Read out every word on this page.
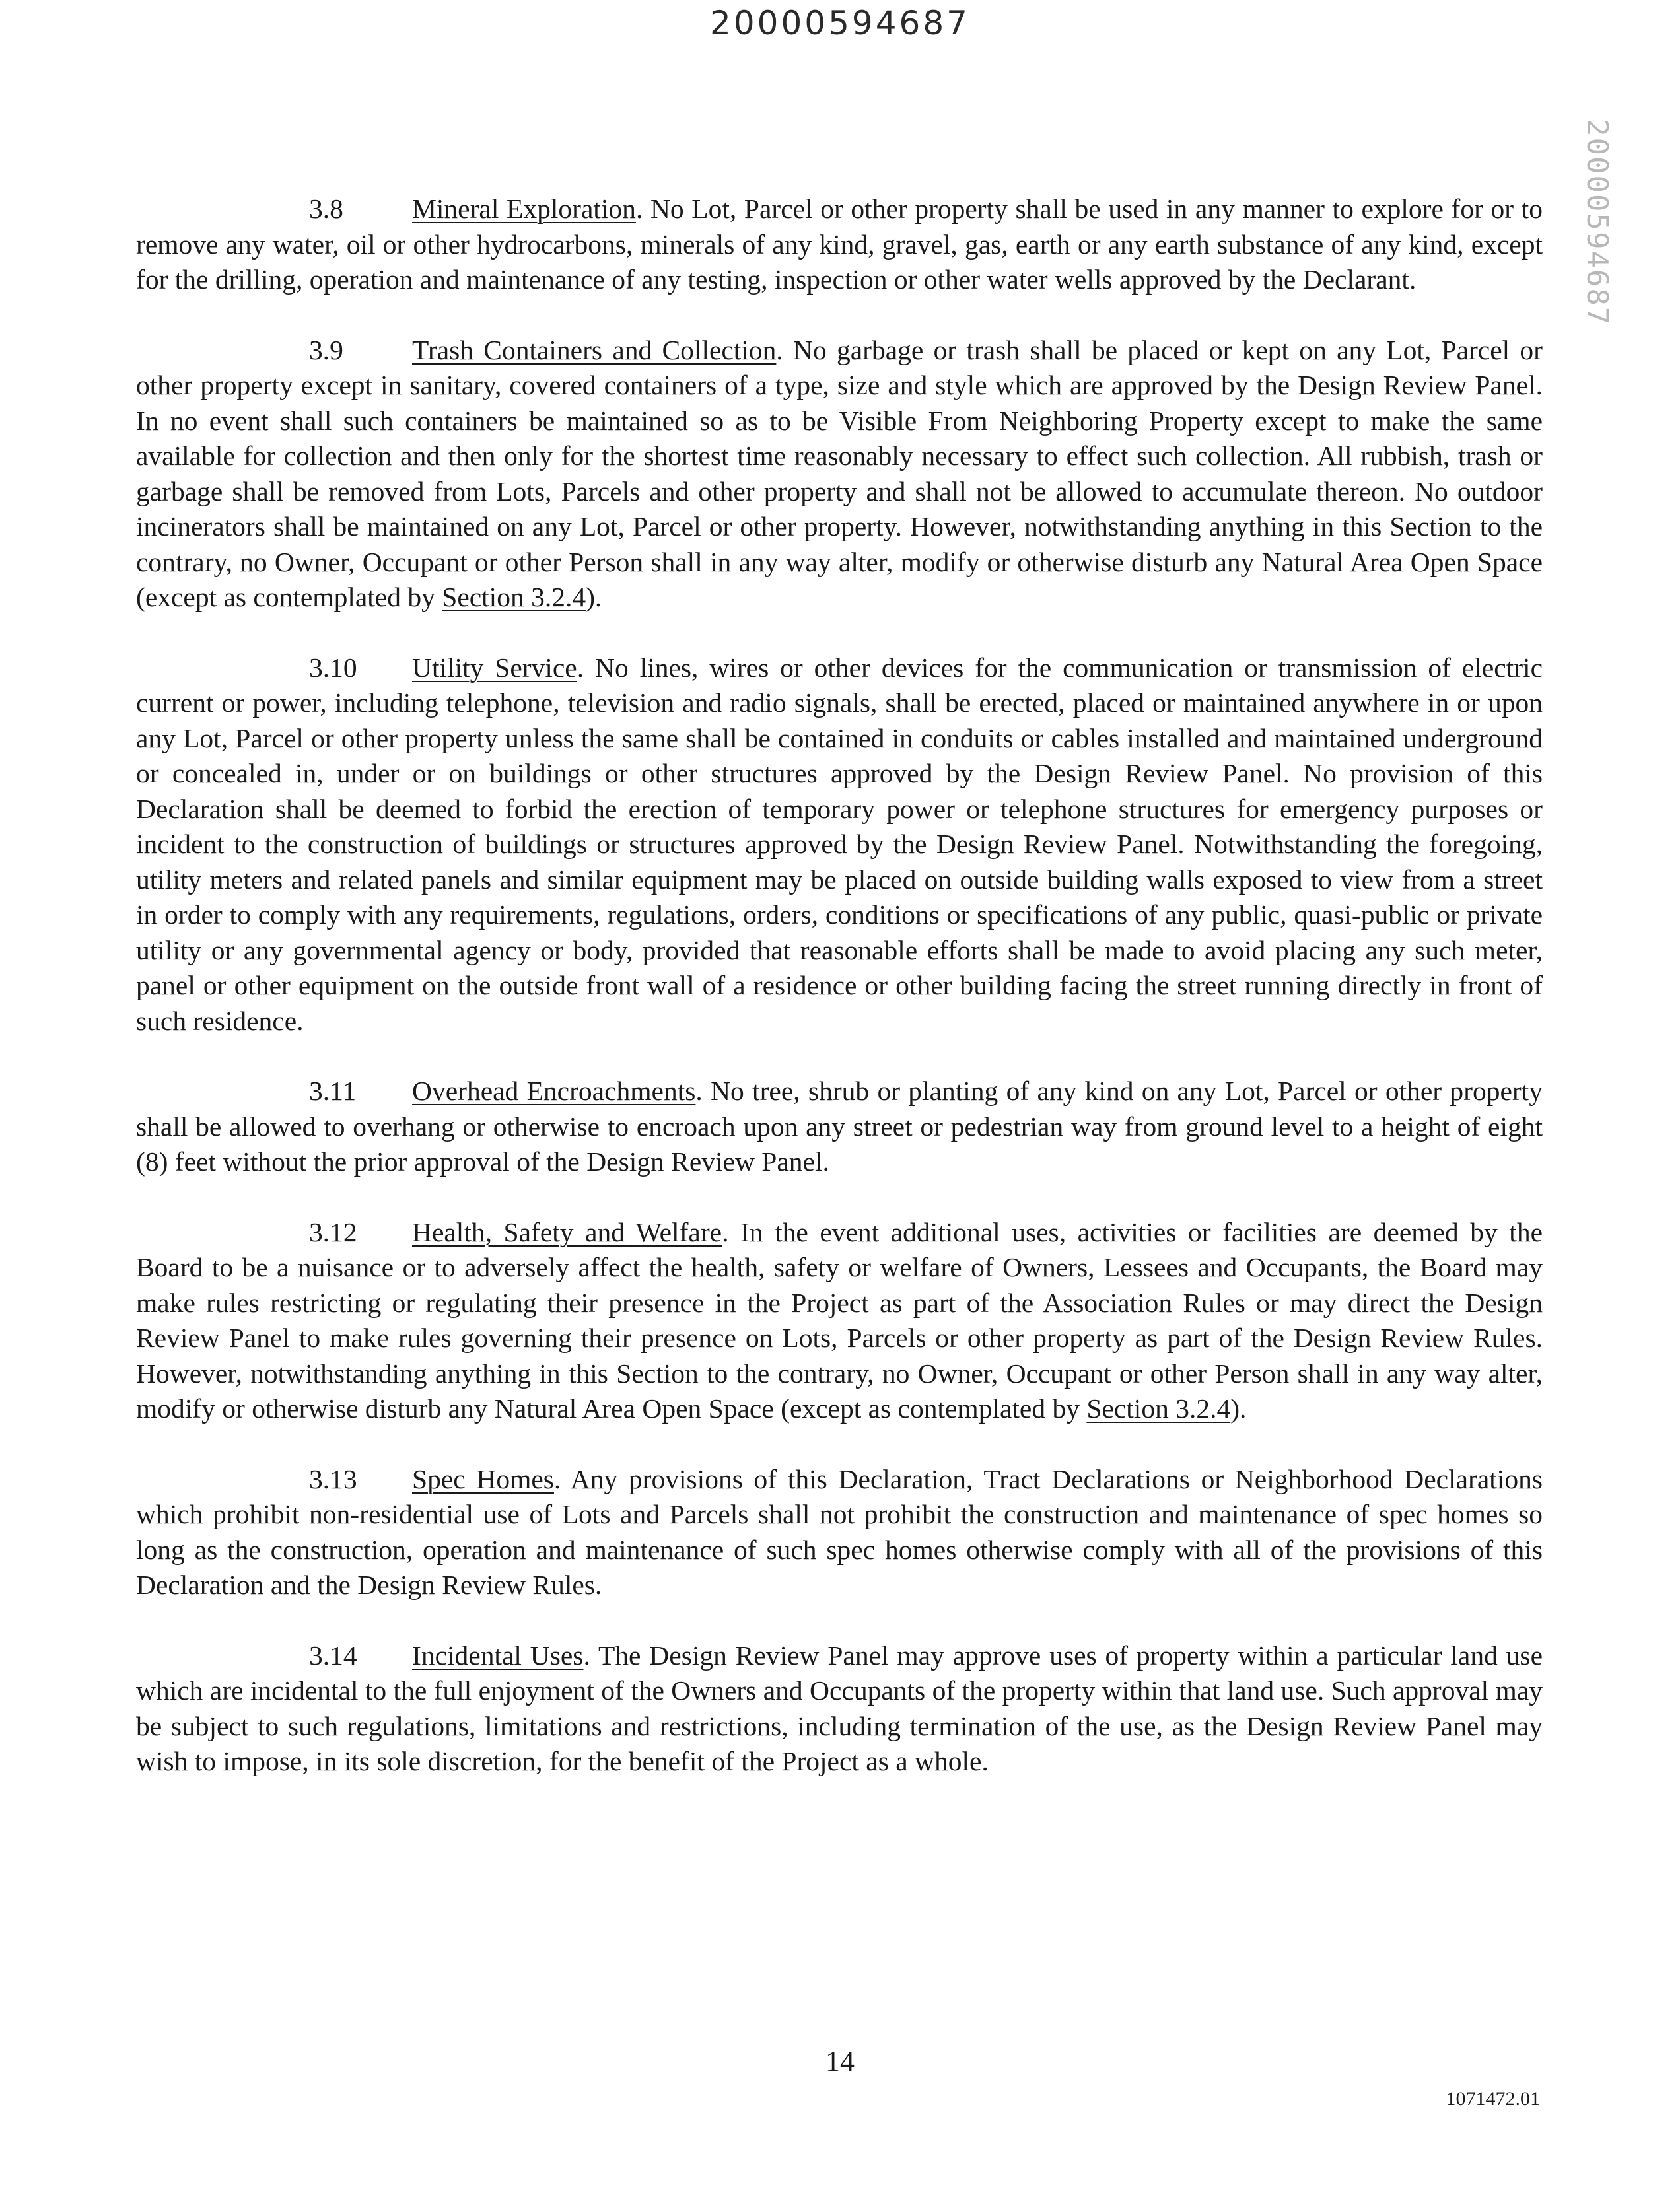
20000594687
20000594687

3.8	Mineral Exploration. No Lot, Parcel or other property shall be used in any manner to explore for or to remove any water, oil or other hydrocarbons, minerals of any kind, gravel, gas, earth or any earth substance of any kind, except for the drilling, operation and maintenance of any testing, inspection or other water wells approved by the Declarant.

3.9	Trash Containers and Collection. No garbage or trash shall be placed or kept on any Lot, Parcel or other property except in sanitary, covered containers of a type, size and style which are approved by the Design Review Panel. In no event shall such containers be maintained so as to be Visible From Neighboring Property except to make the same available for collection and then only for the shortest time reasonably necessary to effect such collection. All rubbish, trash or garbage shall be removed from Lots, Parcels and other property and shall not be allowed to accumulate thereon. No outdoor incinerators shall be maintained on any Lot, Parcel or other property. However, notwithstanding anything in this Section to the contrary, no Owner, Occupant or other Person shall in any way alter, modify or otherwise disturb any Natural Area Open Space (except as contemplated by Section 3.2.4).

3.10 Utility Service. No lines, wires or other devices for the communication or transmission of electric current or power, including telephone, television and radio signals, shall be erected, placed or maintained anywhere in or upon any Lot, Parcel or other property unless the same shall be contained in conduits or cables installed and maintained underground or concealed in, under or on buildings or other structures approved by the Design Review Panel. No provision of this Declaration shall be deemed to forbid the erection of temporary power or telephone structures for emergency purposes or incident to the construction of buildings or structures approved by the Design Review Panel. Notwithstanding the foregoing, utility meters and related panels and similar equipment may be placed on outside building walls exposed to view from a street in order to comply with any requirements, regulations, orders, conditions or specifications of any public, quasi-public or private utility or any governmental agency or body, provided that reasonable efforts shall be made to avoid placing any such meter, panel or other equipment on the outside front wall of a residence or other building facing the street running directly in front of such residence.

3.11 Overhead Encroachments. No tree, shrub or planting of any kind on any Lot, Parcel or other property shall be allowed to overhang or otherwise to encroach upon any street or pedestrian way from ground level to a height of eight (8) feet without the prior approval of the Design Review Panel.

3.12 Health, Safety and Welfare. In the event additional uses, activities or facilities are deemed by the Board to be a nuisance or to adversely affect the health, safety or welfare of Owners, Lessees and Occupants, the Board may make rules restricting or regulating their presence in the Project as part of the Association Rules or may direct the Design Review Panel to make rules governing their presence on Lots, Parcels or other property as part of the Design Review Rules. However, notwithstanding anything in this Section to the contrary, no Owner, Occupant or other Person shall in any way alter, modify or otherwise disturb any Natural Area Open Space (except as contemplated by Section 3.2.4).

3.13 Spec Homes. Any provisions of this Declaration, Tract Declarations or Neighborhood Declarations which prohibit non-residential use of Lots and Parcels shall not prohibit the construction and maintenance of spec homes so long as the construction, operation and maintenance of such spec homes otherwise comply with all of the provisions of this Declaration and the Design Review Rules.

3.14 Incidental Uses. The Design Review Panel may approve uses of property within a particular land use which are incidental to the full enjoyment of the Owners and Occupants of the property within that land use. Such approval may be subject to such regulations, limitations and restrictions, including termination of the use, as the Design Review Panel may wish to impose, in its sole discretion, for the benefit of the Project as a whole.

14
1071472.01
